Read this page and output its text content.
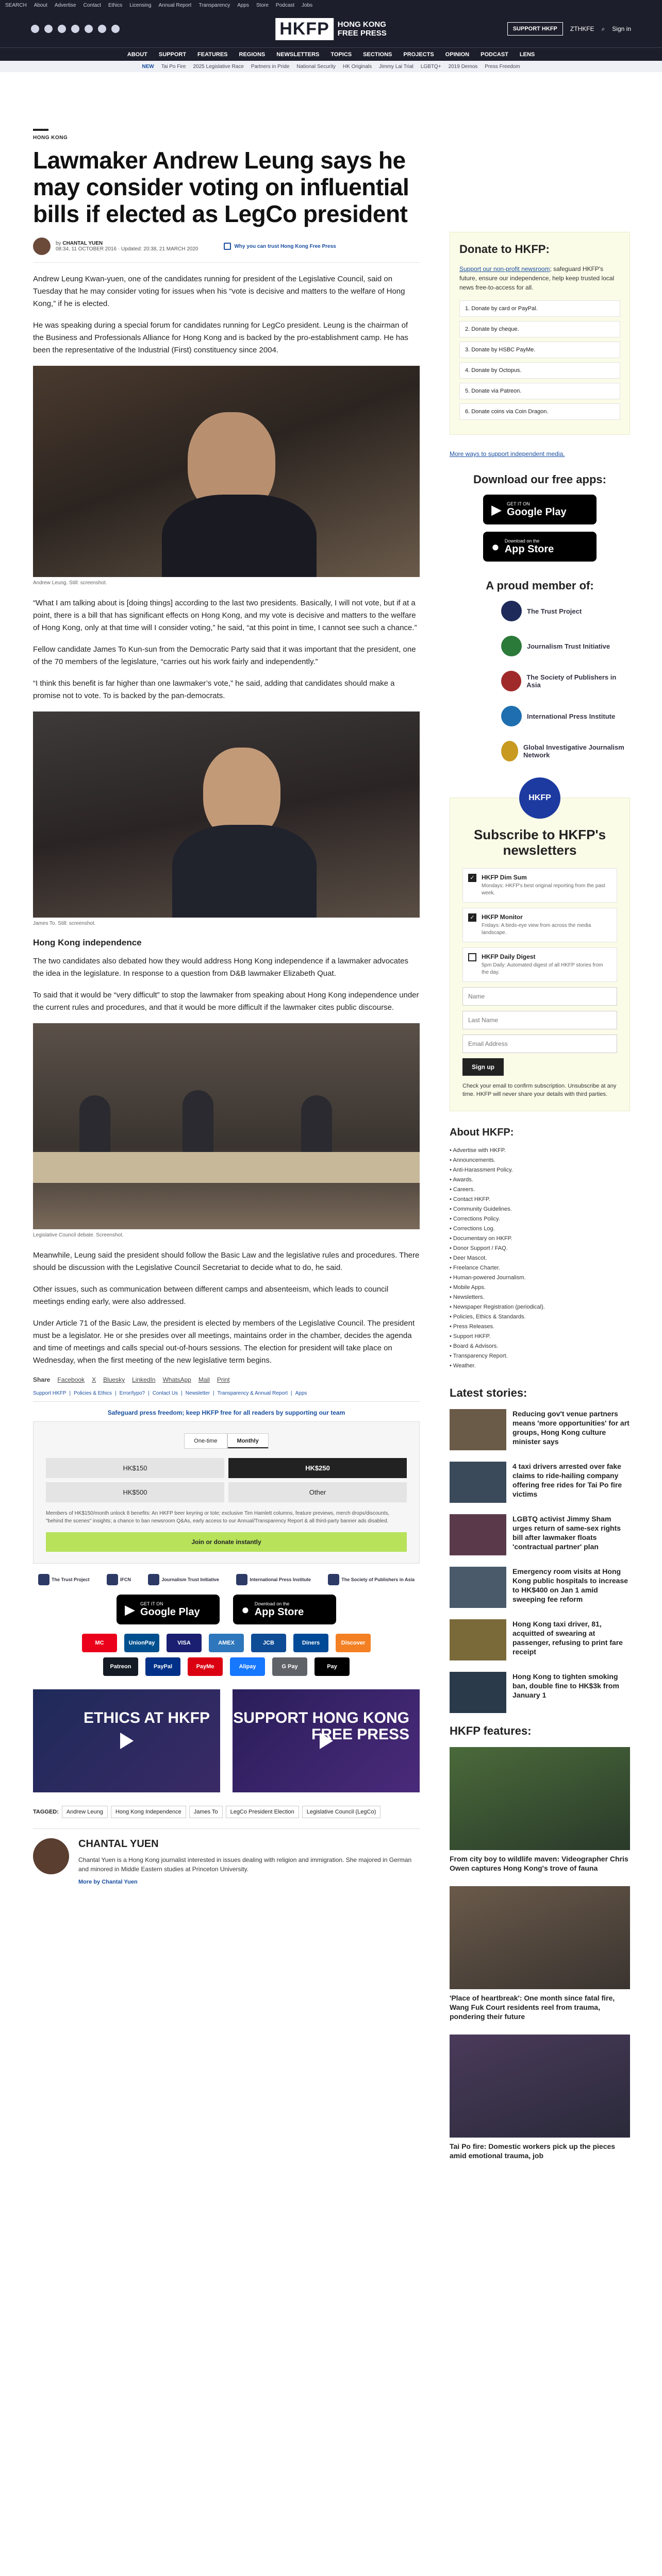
SEARCH About Advertise Contact Ethics Licensing Annual Report Transparency Apps Store Podcast Jobs
HKFP	HONG KONG
FREE PRESS	SUPPORT HKFP	ZTHKFE ⌕ Sign in
ABOUT SUPPORT FEATURES REGIONS NEWSLETTERS TOPICS SECTIONS PROJECTS OPINION PODCAST LENS
NEW Tai Po Fire 2025 Legislative Race Partners in Pride National Security HK Originals Jimmy Lai Trial LGBTQ+ 2019 Demos Press Freedom
HONG KONG
Lawmaker Andrew Leung says he may consider voting on influential bills if elected as LegCo president
by CHANTAL YUEN
08:34, 11 OCTOBER 2016 · Updated: 20:38, 21 MARCH 2020	Why you can trust Hong Kong Free Press

Andrew Leung Kwan-yuen, one of the candidates running for president of the Legislative Council, said on Tuesday that he may consider voting for issues when his “vote is decisive and matters to the welfare of Hong Kong,” if he is elected.

He was speaking during a special forum for candidates running for LegCo president. Leung is the chairman of the Business and Professionals Alliance for Hong Kong and is backed by the pro-establishment camp. He has been the representative of the Industrial (First) constituency since 2004.

Andrew Leung. Still: screenshot.

“What I am talking about is [doing things] according to the last two presidents. Basically, I will not vote, but if at a point, there is a bill that has significant effects on Hong Kong, and my vote is decisive and matters to the welfare of Hong Kong, only at that time will I consider voting,” he said, “at this point in time, I cannot see such a chance.”

Fellow candidate James To Kun-sun from the Democratic Party said that it was important that the president, one of the 70 members of the legislature, “carries out his work fairly and independently.”

“I think this benefit is far higher than one lawmaker’s vote,” he said, adding that candidates should make a promise not to vote. To is backed by the pan-democrats.

James To. Still: screenshot.
Hong Kong independence

The two candidates also debated how they would address Hong Kong independence if a lawmaker advocates the idea in the legislature. In response to a question from D&B lawmaker Elizabeth Quat.

To said that it would be “very difficult” to stop the lawmaker from speaking about Hong Kong independence under the current rules and procedures, and that it would be more difficult if the lawmaker cites public discourse.

Legislative Council debate. Screenshot.

Meanwhile, Leung said the president should follow the Basic Law and the legislative rules and procedures. There should be discussion with the Legislative Council Secretariat to decide what to do, he said.

Other issues, such as communication between different camps and absenteeism, which leads to council meetings ending early, were also addressed.

Under Article 71 of the Basic Law, the president is elected by members of the Legislative Council. The president must be a legislator. He or she presides over all meetings, maintains order in the chamber, decides the agenda and time of meetings and calls special out-of-hours sessions. The election for president will take place on Wednesday, when the first meeting of the new legislative term begins.

Share Facebook X Bluesky LinkedIn WhatsApp Mail Print
Support HKFP | Policies & Ethics | Error/typo? | Contact Us | Newsletter | Transparency & Annual Report | Apps
Safeguard press freedom; keep HKFP free for all readers by supporting our team
One-time	Monthly
HK$150	HK$250
HK$500	Other
Members of HK$150/month unlock 8 benefits: An HKFP beer keyring or tote; exclusive Tim Hamlett columns, feature previews, merch drops/discounts, "behind the scenes" insights; a chance to ban newsroom Q&As, early access to our Annual/Transparency Report & all third-party banner ads disabled.
Join or donate instantly
The Trust Project	IFCN	Journalism Trust Initiative	International Press Institute	The Society of Publishers in Asia
▶ GET IT ON
Google Play	● Download on the
App Store
MC	UnionPay	VISA	AMEX	JCB	Diners	Discover
Patreon	PayPal	PayMe	Alipay	G Pay	Pay
ETHICS AT HKFP SUPPORT HONG KONG FREE PRESS
TAGGED:	Andrew Leung	Hong Kong Independence	James To	LegCo President Election	Legislative Council (LegCo)
CHANTAL YUEN
Chantal Yuen is a Hong Kong journalist interested in issues dealing with religion and immigration. She majored in German and minored in Middle Eastern studies at Princeton University.
More by Chantal Yuen
Donate to HKFP:
Support our non-profit newsroom; safeguard HKFP's future, ensure our independence, help keep trusted local news free-to-access for all.
1. Donate by card or PayPal.
2. Donate by cheque.
3. Donate by HSBC PayMe.
4. Donate by Octopus.
5. Donate via Patreon.
6. Donate coins via Coin Dragon.
More ways to support independent media.
Download our free apps:
▶ GET IT ON
Google Play
● Download on the
App Store
A proud member of:
The Trust Project
Journalism Trust Initiative
The Society of Publishers in Asia
International Press Institute
Global Investigative Journalism Network
HKFP
Subscribe to HKFP's newsletters
✓ HKFP Dim Sum
Mondays: HKFP's best original reporting from the past week.
✓ HKFP Monitor
Fridays: A birds-eye view from across the media landscape.
HKFP Daily Digest
5pm Daily: Automated digest of all HKFP stories from the day.
Name Last Name Email Address Sign up
Check your email to confirm subscription. Unsubscribe at any time. HKFP will never share your details with third parties.
About HKFP:
• Advertise with HKFP.
• Announcements.
• Anti-Harassment Policy.
• Awards.
• Careers.
• Contact HKFP.
• Community Guidelines.
• Corrections Policy.
• Corrections Log.
• Documentary on HKFP.
• Donor Support / FAQ.
• Deer Mascot.
• Freelance Charter.
• Human-powered Journalism.
• Mobile Apps.
• Newsletters.
• Newspaper Registration (periodical).
• Policies, Ethics & Standards.
• Press Releases.
• Support HKFP.
• Board & Advisors.
• Transparency Report.
• Weather.
Latest stories:
Reducing gov't venue partners means 'more opportunities' for art groups, Hong Kong culture minister says
4 taxi drivers arrested over fake claims to ride-hailing company offering free rides for Tai Po fire victims
LGBTQ activist Jimmy Sham urges return of same-sex rights bill after lawmaker floats 'contractual partner' plan
Emergency room visits at Hong Kong public hospitals to increase to HK$400 on Jan 1 amid sweeping fee reform
Hong Kong taxi driver, 81, acquitted of swearing at passenger, refusing to print fare receipt
Hong Kong to tighten smoking ban, double fine to HK$3k from January 1
HKFP features:
From city boy to wildlife maven: Videographer Chris Owen captures Hong Kong's trove of fauna
'Place of heartbreak': One month since fatal fire, Wang Fuk Court residents reel from trauma, pondering their future
Tai Po fire: Domestic workers pick up the pieces amid emotional trauma, job
